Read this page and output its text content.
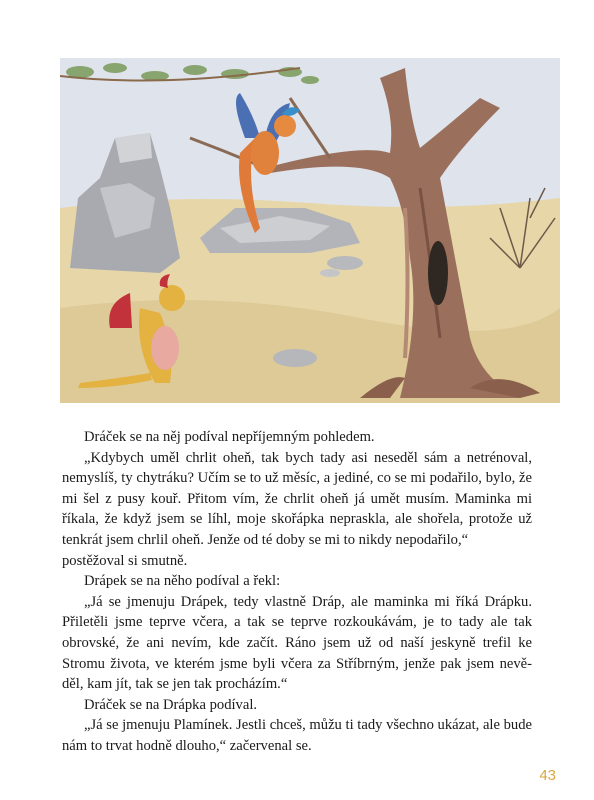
Dráček se na něj podíval nepříjemným pohledem.

„Kdybych uměl chrlit oheň, tak bych tady asi neseděl sám a netrénoval, nemyslíš, ty chytráku? Učím se to už měsíc, a jediné, co se mi podařilo, bylo, že mi šel z pusy kouř. Přitom vím, že chrlit oheň já umět musím. Maminka mi říkala, že když jsem se líhl, moje skořápka nepraskla, ale shořela, protože už tenkrát jsem chrlil oheň. Jenže od té doby se mi to nikdy nepodařilo,“

postěžoval si smutně.

Drápek se na něho podíval a řekl:

„Já se jmenuju Drápek, tedy vlastně Dráp, ale maminka mi říká Drápku. Přiletěli jsme teprve včera, a tak se teprve rozkoukávám, je to tady ale tak obrovské, že ani nevím, kde začít. Ráno jsem už od naší jeskyně trefil ke Stromu života, ve kterém jsme byli včera za Stříbrným, jenže pak jsem nevě-děl, kam jít, tak se jen tak procházím.“

Dráček se na Drápka podíval.

„Já se jmenuju Plamínek. Jestli chceš, můžu ti tady všechno ukázat, ale bude nám to trvat hodně dlouho,“ začervenal se.

43
